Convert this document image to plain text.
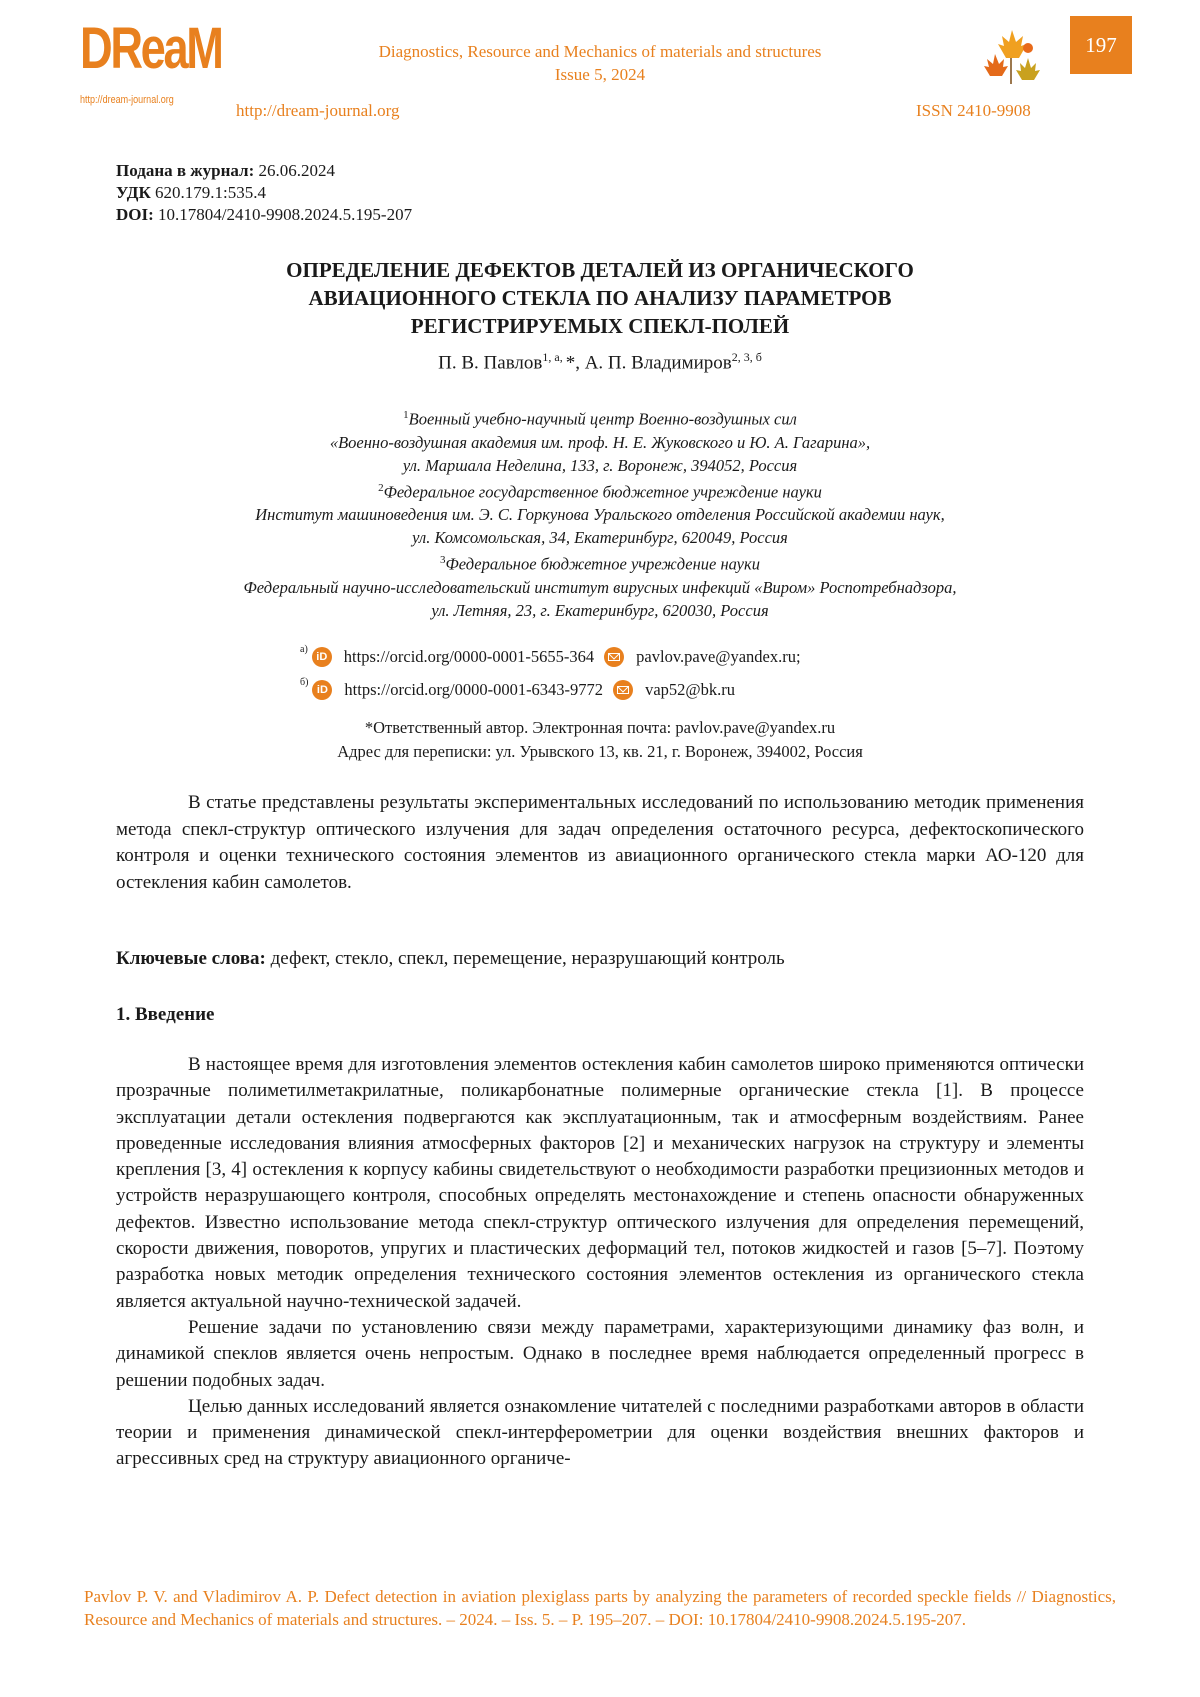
DReaM
http://dream-journal.org
Diagnostics, Resource and Mechanics of materials and structures
Issue 5, 2024
http://dream-journal.org	ISSN 2410-9908
197
Подана в журнал: 26.06.2024
УДК 620.179.1:535.4
DOI: 10.17804/2410-9908.2024.5.195-207
ОПРЕДЕЛЕНИЕ ДЕФЕКТОВ ДЕТАЛЕЙ ИЗ ОРГАНИЧЕСКОГО
АВИАЦИОННОГО СТЕКЛА ПО АНАЛИЗУ ПАРАМЕТРОВ
РЕГИСТРИРУЕМЫХ СПЕКЛ-ПОЛЕЙ
П. В. Павлов$^{1, а,}$ *, А. П. Владимиров$^{2, 3, б}$
$^1$Военный учебно-научный центр Военно-воздушных сил
«Военно-воздушная академия им. проф. Н. Е. Жуковского и Ю. А. Гагарина»,
ул. Маршала Неделина, 133, г. Воронеж, 394052, Россия
$^2$Федеральное государственное бюджетное учреждение науки
Институт машиноведения им. Э. С. Горкунова Уральского отделения Российской академии наук,
ул. Комсомольская, 34, Екатеринбург, 620049, Россия
$^3$Федеральное бюджетное учреждение науки
Федеральный научно-исследовательский институт вирусных инфекций «Виром» Роспотребнадзора,
ул. Летняя, 23, г. Екатеринбург, 620030, Россия
а)
iD https://orcid.org/0000-0001-5655-364	pavlov.pave@yandex.ru;
б)
iD https://orcid.org/0000-0001-6343-9772	vap52@bk.ru
*Ответственный автор. Электронная почта: pavlov.pave@yandex.ru
Адрес для переписки: ул. Урывского 13, кв. 21, г. Воронеж, 394002, Россия

В статье представлены результаты экспериментальных исследований по использованию методик применения метода спекл-структур оптического излучения для задач определения остаточного ресурса, дефектоскопического контроля и оценки технического состояния элементов из авиационного органического стекла марки АО-120 для остекления кабин самолетов.

Ключевые слова: дефект, стекло, спекл, перемещение, неразрушающий контроль
1. Введение

В настоящее время для изготовления элементов остекления кабин самолетов широко применяются оптически прозрачные полиметилметакрилатные, поликарбонатные полимерные органические стекла [1]. В процессе эксплуатации детали остекления подвергаются как эксплуатационным, так и атмосферным воздействиям. Ранее проведенные исследования влияния атмосферных факторов [2] и механических нагрузок на структуру и элементы крепления [3, 4] остекления к корпусу кабины свидетельствуют о необходимости разработки прецизионных методов и устройств неразрушающего контроля, способных определять местонахождение и степень опасности обнаруженных дефектов. Известно использование метода спекл-структур оптического излучения для определения перемещений, скорости движения, поворотов, упругих и пластических деформаций тел, потоков жидкостей и газов [5–7]. Поэтому разработка новых методик определения технического состояния элементов остекления из органического стекла является актуальной научно-технической задачей.

Решение задачи по установлению связи между параметрами, характеризующими динамику фаз волн, и динамикой спеклов является очень непростым. Однако в последнее время наблюдается определенный прогресс в решении подобных задач.

Целью данных исследований является ознакомление читателей с последними разработками авторов в области теории и применения динамической спекл-интерферометрии для оценки воздействия внешних факторов и агрессивных сред на структуру авиационного органиче-

Pavlov P. V. and Vladimirov A. P. Defect detection in aviation plexiglass parts by analyzing the parameters of recorded speckle fields // Diagnostics, Resource and Mechanics of materials and structures. – 2024. – Iss. 5. – P. 195–207. – DOI: 10.17804/2410-9908.2024.5.195-207.
